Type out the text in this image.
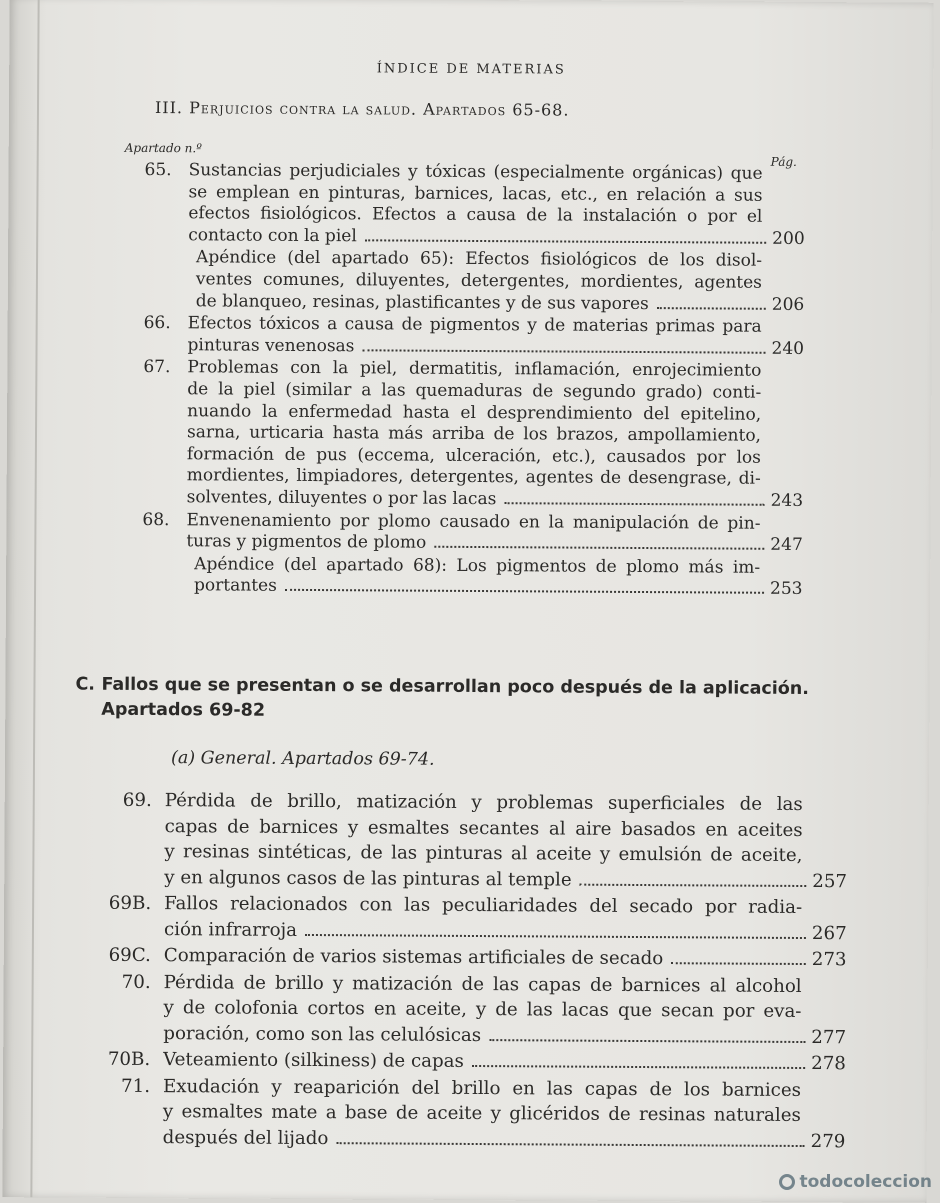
ÍNDICE DE MATERIAS
III. Perjuicios contra la salud. Apartados 65-68.
Apartado n.º
Pág.
65. Sustancias perjudiciales y tóxicas (especialmente orgánicas) que
se emplean en pinturas, barnices, lacas, etc., en relación a sus
efectos fisiológicos. Efectos a causa de la instalación o por el
contacto con la piel	200
Apéndice (del apartado 65): Efectos fisiológicos de los disol-
ventes comunes, diluyentes, detergentes, mordientes, agentes
de blanqueo, resinas, plastificantes y de sus vapores	206
66. Efectos tóxicos a causa de pigmentos y de materias primas para
pinturas venenosas	240
67. Problemas con la piel, dermatitis, inflamación, enrojecimiento
de la piel (similar a las quemaduras de segundo grado) conti-
nuando la enfermedad hasta el desprendimiento del epitelino,
sarna, urticaria hasta más arriba de los brazos, ampollamiento,
formación de pus (eccema, ulceración, etc.), causados por los
mordientes, limpiadores, detergentes, agentes de desengrase, di-
solventes, diluyentes o por las lacas	243
68. Envenenamiento por plomo causado en la manipulación de pin-
turas y pigmentos de plomo	247
Apéndice (del apartado 68): Los pigmentos de plomo más im-
portantes	253
C. Fallos que se presentan o se desarrollan poco después de la aplicación.
Apartados 69-82
(a) General. Apartados 69-74.
69. Pérdida de brillo, matización y problemas superficiales de las
capas de barnices y esmaltes secantes al aire basados en aceites
y resinas sintéticas, de las pinturas al aceite y emulsión de aceite,
y en algunos casos de las pinturas al temple	257
69B. Fallos relacionados con las peculiaridades del secado por radia-
ción infrarroja	267
69C. Comparación de varios sistemas artificiales de secado	273
70. Pérdida de brillo y matización de las capas de barnices al alcohol
y de colofonia cortos en aceite, y de las lacas que secan por eva-
poración, como son las celulósicas	277
70B. Veteamiento (silkiness) de capas	278
71. Exudación y reaparición del brillo en las capas de los barnices
y esmaltes mate a base de aceite y glicéridos de resinas naturales
después del lijado	279
todocoleccion
